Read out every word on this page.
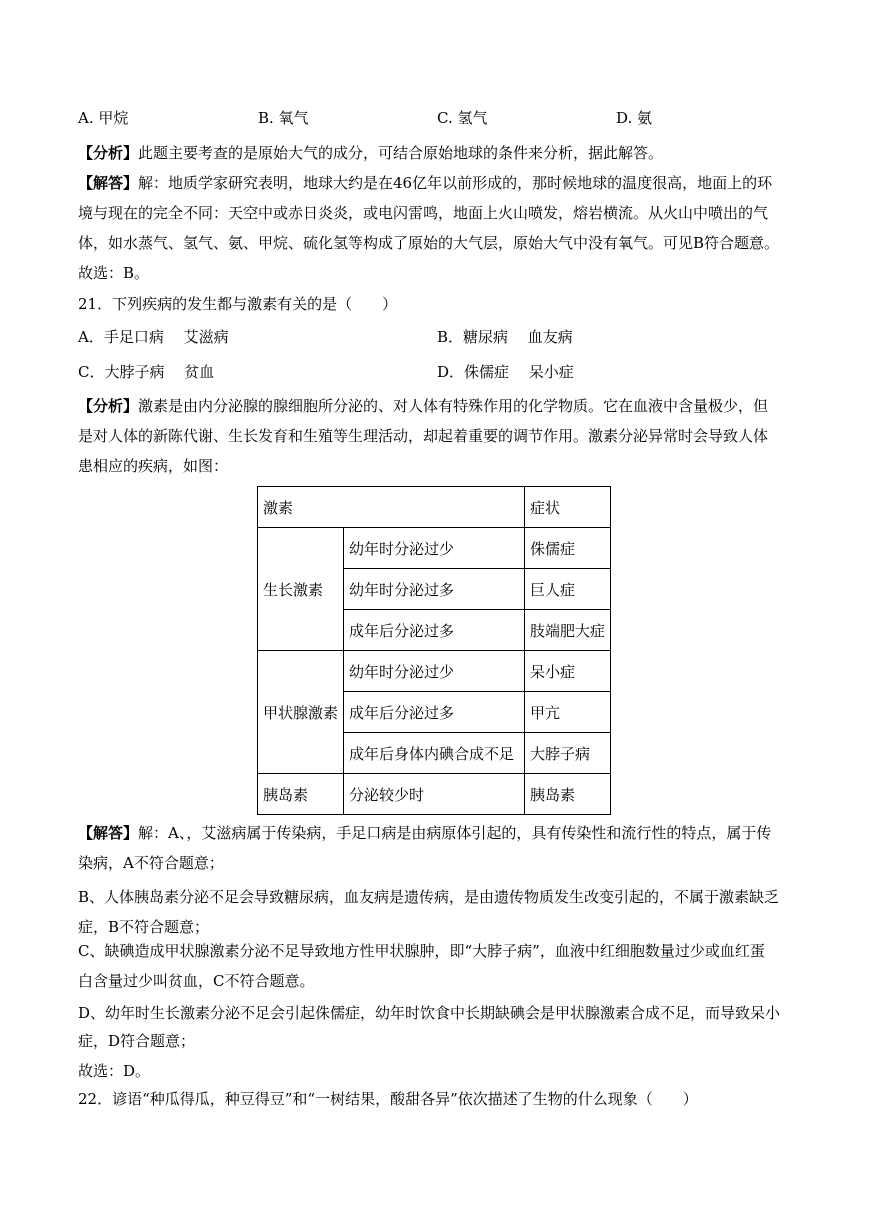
A. 甲烷	B. 氧气	C. 氢气	D. 氨
【分析】此题主要考查的是原始大气的成分，可结合原始地球的条件来分析，据此解答。
【解答】解：地质学家研究表明，地球大约是在46亿年以前形成的，那时候地球的温度很高，地面上的环
境与现在的完全不同：天空中或赤日炎炎，或电闪雷鸣，地面上火山喷发，熔岩横流。从火山中喷出的气
体，如水蒸气、氢气、氨、甲烷、硫化氢等构成了原始的大气层，原始大气中没有氧气。可见B符合题意。
故选：B。
21．下列疾病的发生都与激素有关的是（　　）
A．手足口病　 艾滋病	B．糖尿病　 血友病
C．大脖子病　 贫血	D．侏儒症　 呆小症
【分析】激素是由内分泌腺的腺细胞所分泌的、对人体有特殊作用的化学物质。它在血液中含量极少，但
是对人体的新陈代谢、生长发育和生殖等生理活动，却起着重要的调节作用。激素分泌异常时会导致人体
患相应的疾病，如图：
激素		症状
生长激素	幼年时分泌过少	侏儒症
	幼年时分泌过多	巨人症
	成年后分泌过多	肢端肥大症
甲状腺激素	幼年时分泌过少	呆小症
	成年后分泌过多	甲亢
	成年后身体内碘合成不足	大脖子病
胰岛素	分泌较少时	胰岛素
【解答】解：A、，艾滋病属于传染病，手足口病是由病原体引起的，具有传染性和流行性的特点，属于传
染病，A不符合题意；
B、人体胰岛素分泌不足会导致糖尿病，血友病是遗传病，是由遗传物质发生改变引起的，不属于激素缺乏
症，B不符合题意；
C、缺碘造成甲状腺激素分泌不足导致地方性甲状腺肿，即“大脖子病”，血液中红细胞数量过少或血红蛋
白含量过少叫贫血，C不符合题意。
D、幼年时生长激素分泌不足会引起侏儒症，幼年时饮食中长期缺碘会是甲状腺激素合成不足，而导致呆小
症，D符合题意；
故选：D。
22．谚语“种瓜得瓜，种豆得豆”和“一树结果，酸甜各异”依次描述了生物的什么现象（　　）
